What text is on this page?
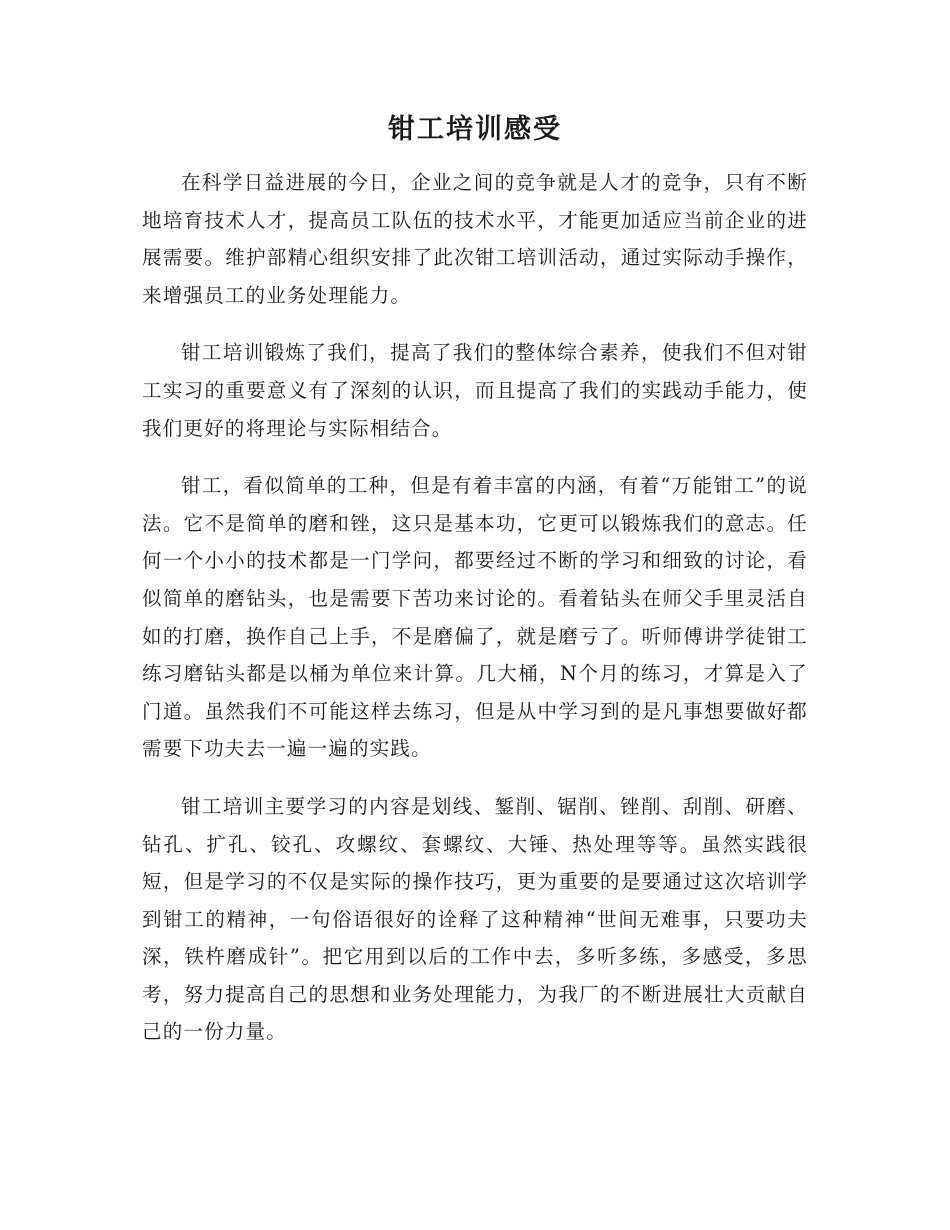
钳工培训感受

在科学日益进展的今日，企业之间的竞争就是人才的竞争，只有不断地培育技术人才，提高员工队伍的技术水平，才能更加适应当前企业的进展需要。维护部精心组织安排了此次钳工培训活动，通过实际动手操作，来增强员工的业务处理能力。

钳工培训锻炼了我们，提高了我们的整体综合素养，使我们不但对钳工实习的重要意义有了深刻的认识，而且提高了我们的实践动手能力，使我们更好的将理论与实际相结合。

钳工，看似简单的工种，但是有着丰富的内涵，有着“万能钳工”的说法。它不是简单的磨和锉，这只是基本功，它更可以锻炼我们的意志。任何一个小小的技术都是一门学问，都要经过不断的学习和细致的讨论，看似简单的磨钻头，也是需要下苦功来讨论的。看着钻头在师父手里灵活自如的打磨，换作自己上手，不是磨偏了，就是磨亏了。听师傅讲学徒钳工练习磨钻头都是以桶为单位来计算。几大桶，N个月的练习，才算是入了门道。虽然我们不可能这样去练习，但是从中学习到的是凡事想要做好都需要下功夫去一遍一遍的实践。

钳工培训主要学习的内容是划线、錾削、锯削、锉削、刮削、研磨、钻孔、扩孔、铰孔、攻螺纹、套螺纹、大锤、热处理等等。虽然实践很短，但是学习的不仅是实际的操作技巧，更为重要的是要通过这次培训学到钳工的精神，一句俗语很好的诠释了这种精神“世间无难事，只要功夫深，铁杵磨成针”。把它用到以后的工作中去，多听多练，多感受，多思考，努力提高自己的思想和业务处理能力，为我厂的不断进展壮大贡献自己的一份力量。
